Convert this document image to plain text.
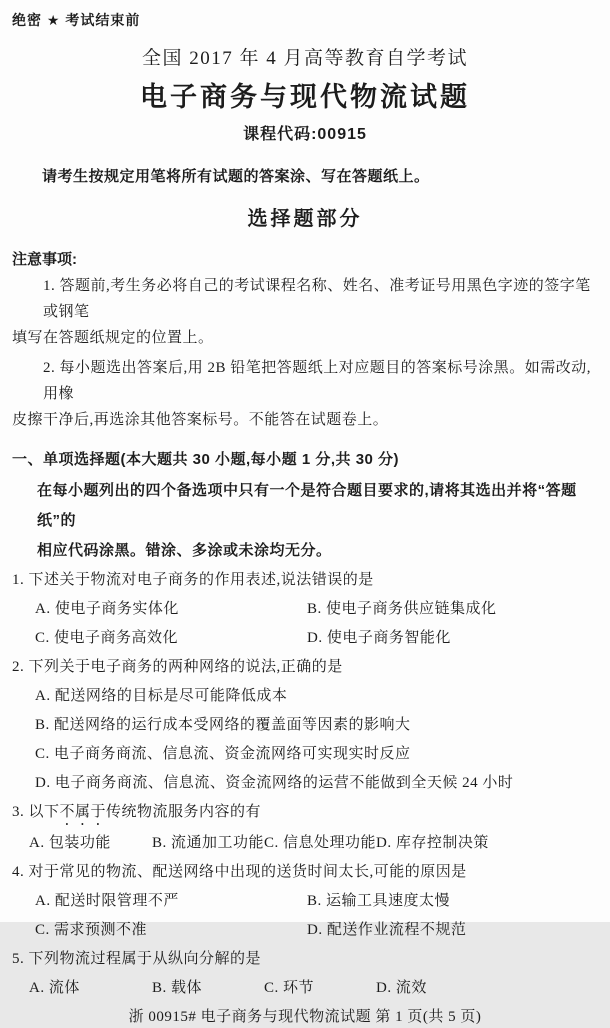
绝密 ★ 考试结束前
全国 2017 年 4 月高等教育自学考试
电子商务与现代物流试题
课程代码:00915
请考生按规定用笔将所有试题的答案涂、写在答题纸上。
选择题部分
注意事项:
1. 答题前,考生务必将自己的考试课程名称、姓名、准考证号用黑色字迹的签字笔或钢笔
填写在答题纸规定的位置上。
2. 每小题选出答案后,用 2B 铅笔把答题纸上对应题目的答案标号涂黑。如需改动,用橡
皮擦干净后,再选涂其他答案标号。不能答在试题卷上。
一、单项选择题(本大题共 30 小题,每小题 1 分,共 30 分)
在每小题列出的四个备选项中只有一个是符合题目要求的,请将其选出并将“答题纸”的
相应代码涂黑。错涂、多涂或未涂均无分。
1. 下述关于物流对电子商务的作用表述,说法错误的是
A. 使电子商务实体化	B. 使电子商务供应链集成化
C. 使电子商务高效化	D. 使电子商务智能化
2. 下列关于电子商务的两种网络的说法,正确的是
A. 配送网络的目标是尽可能降低成本
B. 配送网络的运行成本受网络的覆盖面等因素的影响大
C. 电子商务商流、信息流、资金流网络可实现实时反应
D. 电子商务商流、信息流、资金流网络的运营不能做到全天候 24 小时
3. 以下不属于传统物流服务内容的有
A. 包装功能	B. 流通加工功能 C. 信息处理功能 D. 库存控制决策
4. 对于常见的物流、配送网络中出现的送货时间太长,可能的原因是
A. 配送时限管理不严	B. 运输工具速度太慢
C. 需求预测不准	D. 配送作业流程不规范
5. 下列物流过程属于从纵向分解的是
A. 流体	B. 载体	C. 环节	D. 流效
浙 00915# 电子商务与现代物流试题 第 1 页(共 5 页)
